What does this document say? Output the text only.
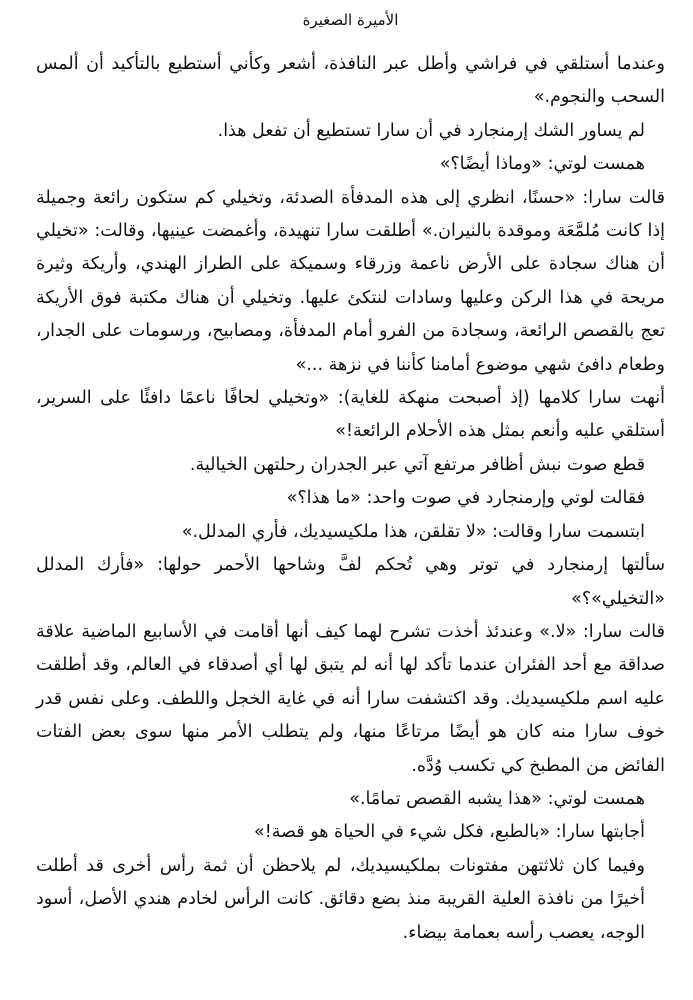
الأميرة الصغيرة

وعندما أستلقي في فراشي وأطل عبر النافذة، أشعر وكأني أستطيع بالتأكيد أن ألمس السحب والنجوم.»

لم يساور الشك إرمنجارد في أن سارا تستطيع أن تفعل هذا.

همست لوتي: «وماذا أيضًا؟»

قالت سارا: «حسنًا، انظري إلى هذه المدفأة الصدئة، وتخيلي كم ستكون رائعة وجميلة إذا كانت مُلمَّعَة وموقدة بالنيران.» أطلقت سارا تنهيدة، وأغمضت عينيها، وقالت: «تخيلي أن هناك سجادة على الأرض ناعمة وزرقاء وسميكة على الطراز الهندي، وأريكة وثيرة مريحة في هذا الركن وعليها وسادات لنتكئ عليها. وتخيلي أن هناك مكتبة فوق الأريكة تعج بالقصص الرائعة، وسجادة من الفرو أمام المدفأة، ومصابيح، ورسومات على الجدار، وطعام دافئ شهي موضوع أمامنا كأننا في نزهة ...»

أنهت سارا كلامها (إذ أصبحت منهكة للغاية): «وتخيلي لحافًا ناعمًا دافئًا على السرير، أستلقي عليه وأنعم بمثل هذه الأحلام الرائعة!»

قطع صوت نبش أظافر مرتفع آتي عبر الجدران رحلتهن الخيالية.

فقالت لوتي وإرمنجارد في صوت واحد: «ما هذا؟»

ابتسمت سارا وقالت: «لا تقلقن، هذا ملكيسيديك، فأري المدلل.»

سألتها إرمنجارد في توتر وهي تُحكم لفَّ وشاحها الأحمر حولها: «فأرك المدلل «التخيلي»؟»

قالت سارا: «لا.» وعندئذ أخذت تشرح لهما كيف أنها أقامت في الأسابيع الماضية علاقة صداقة مع أحد الفئران عندما تأكد لها أنه لم يتبق لها أي أصدقاء في العالم، وقد أطلقت عليه اسم ملكيسيديك. وقد اكتشفت سارا أنه في غاية الخجل واللطف. وعلى نفس قدر خوف سارا منه كان هو أيضًا مرتاعًا منها، ولم يتطلب الأمر منها سوى بعض الفتات الفائض من المطبخ كي تكسب وُدَّه.

همست لوتي: «هذا يشبه القصص تمامًا.»

أجابتها سارا: «بالطبع، فكل شيء في الحياة هو قصة!»

وفيما كان ثلاثتهن مفتونات بملكيسيديك، لم يلاحظن أن ثمة رأس أخرى قد أطلت أخيرًا من نافذة العلية القريبة منذ بضع دقائق. كانت الرأس لخادم هندي الأصل، أسود الوجه، يعصب رأسه بعمامة بيضاء.
